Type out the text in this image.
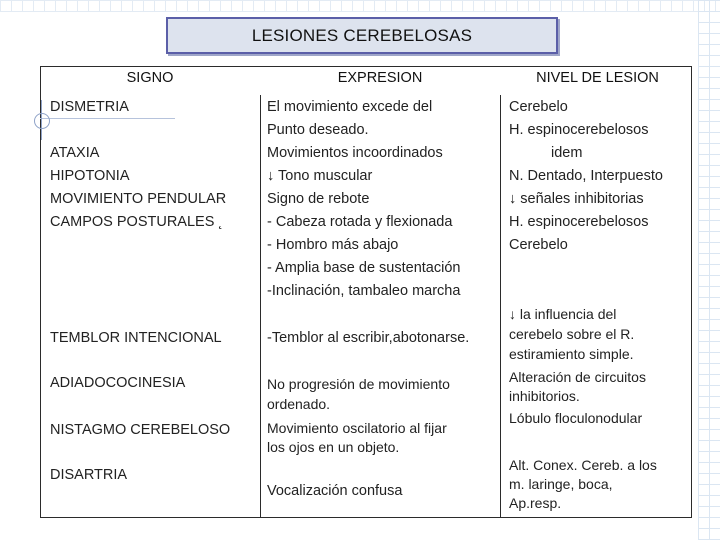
LESIONES CEREBELOSAS
SIGNO	EXPRESION	NIVEL DE LESION
DISMETRIA
ATAXIA
HIPOTONIA
MOVIMIENTO PENDULAR
CAMPOS POSTURALES ˛
TEMBLOR INTENCIONAL
ADIADOCOCINESIA
NISTAGMO CEREBELOSO
DISARTRIA
El movimiento excede del
Punto deseado.
Movimientos incoordinados
↓ Tono muscular
Signo de rebote
- Cabeza rotada y flexionada
- Hombro más abajo
- Amplia base de sustentación
-Inclinación, tambaleo marcha
-Temblor al escribir,abotonarse.
No progresión de movimiento
ordenado.
Movimiento oscilatorio al fijar
los ojos en un objeto.
Vocalización confusa
Cerebelo
H. espinocerebelosos
idem
N. Dentado, Interpuesto
↓ señales inhibitorias
H. espinocerebelosos
Cerebelo
↓ la influencia del
cerebelo sobre el R.
estiramiento simple.
Alteración de circuitos
inhibitorios.
Lóbulo floculonodular
Alt. Conex. Cereb. a los
m. laringe, boca,
Ap.resp.
